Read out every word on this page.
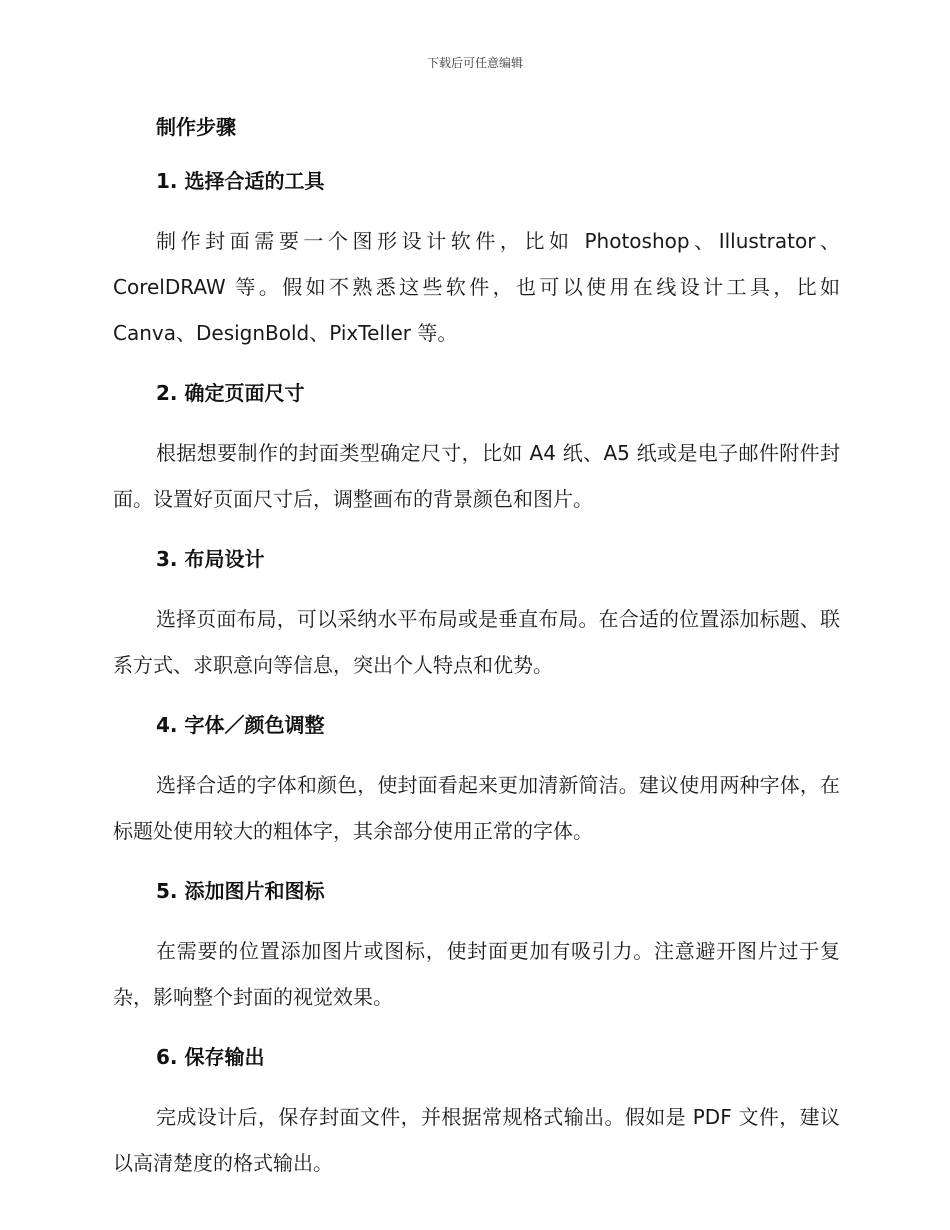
下载后可任意编辑
制作步骤
1. 选择合适的工具

制作封面需要一个图形设计软件，比如 Photoshop、Illustrator、CorelDRAW 等。假如不熟悉这些软件，也可以使用在线设计工具，比如 Canva、DesignBold、PixTeller 等。

2. 确定页面尺寸

根据想要制作的封面类型确定尺寸，比如 A4 纸、A5 纸或是电子邮件附件封面。设置好页面尺寸后，调整画布的背景颜色和图片。

3. 布局设计

选择页面布局，可以采纳水平布局或是垂直布局。在合适的位置添加标题、联系方式、求职意向等信息，突出个人特点和优势。

4. 字体／颜色调整

选择合适的字体和颜色，使封面看起来更加清新简洁。建议使用两种字体，在标题处使用较大的粗体字，其余部分使用正常的字体。

5. 添加图片和图标

在需要的位置添加图片或图标，使封面更加有吸引力。注意避开图片过于复杂，影响整个封面的视觉效果。

6. 保存输出

完成设计后，保存封面文件，并根据常规格式输出。假如是 PDF 文件，建议以高清楚度的格式输出。
